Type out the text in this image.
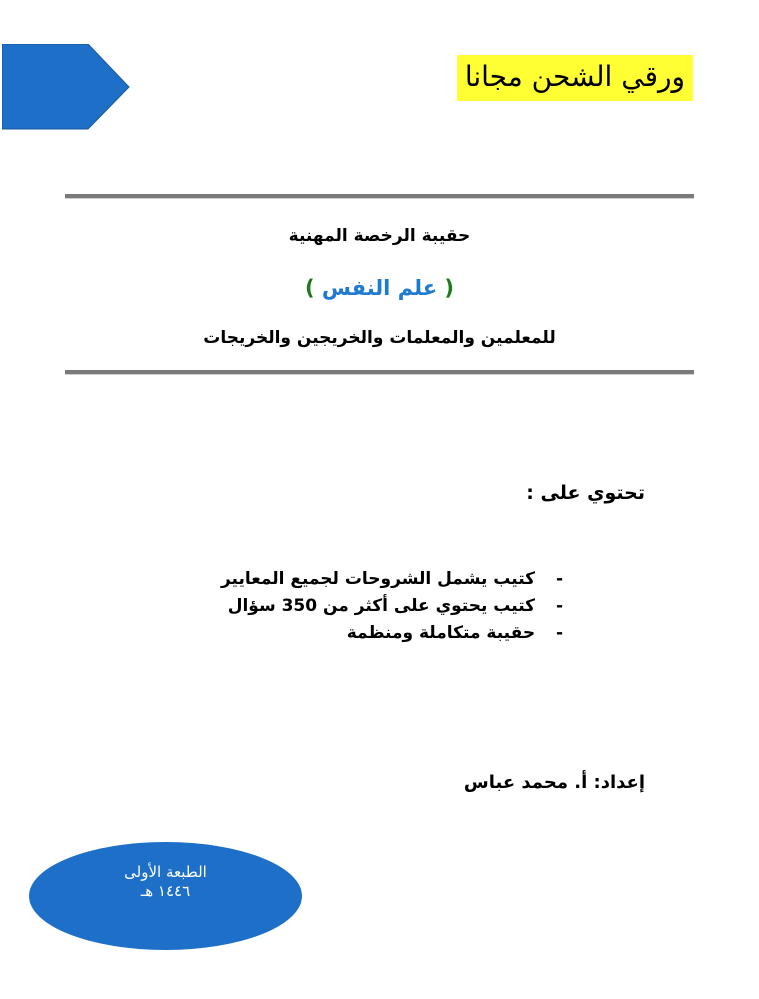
ورقي الشحن مجانا
حقيبة الرخصة المهنية
( علم النفس )
للمعلمين والمعلمات والخريجين والخريجات
تحتوي على :
- كتيب يشمل الشروحات لجميع المعايير
- كتيب يحتوي على أكثر من 350 سؤال
- حقيبة متكاملة ومنظمة
إعداد: أ. محمد عباس
الطبعة الأولى
١٤٤٦ هـ
